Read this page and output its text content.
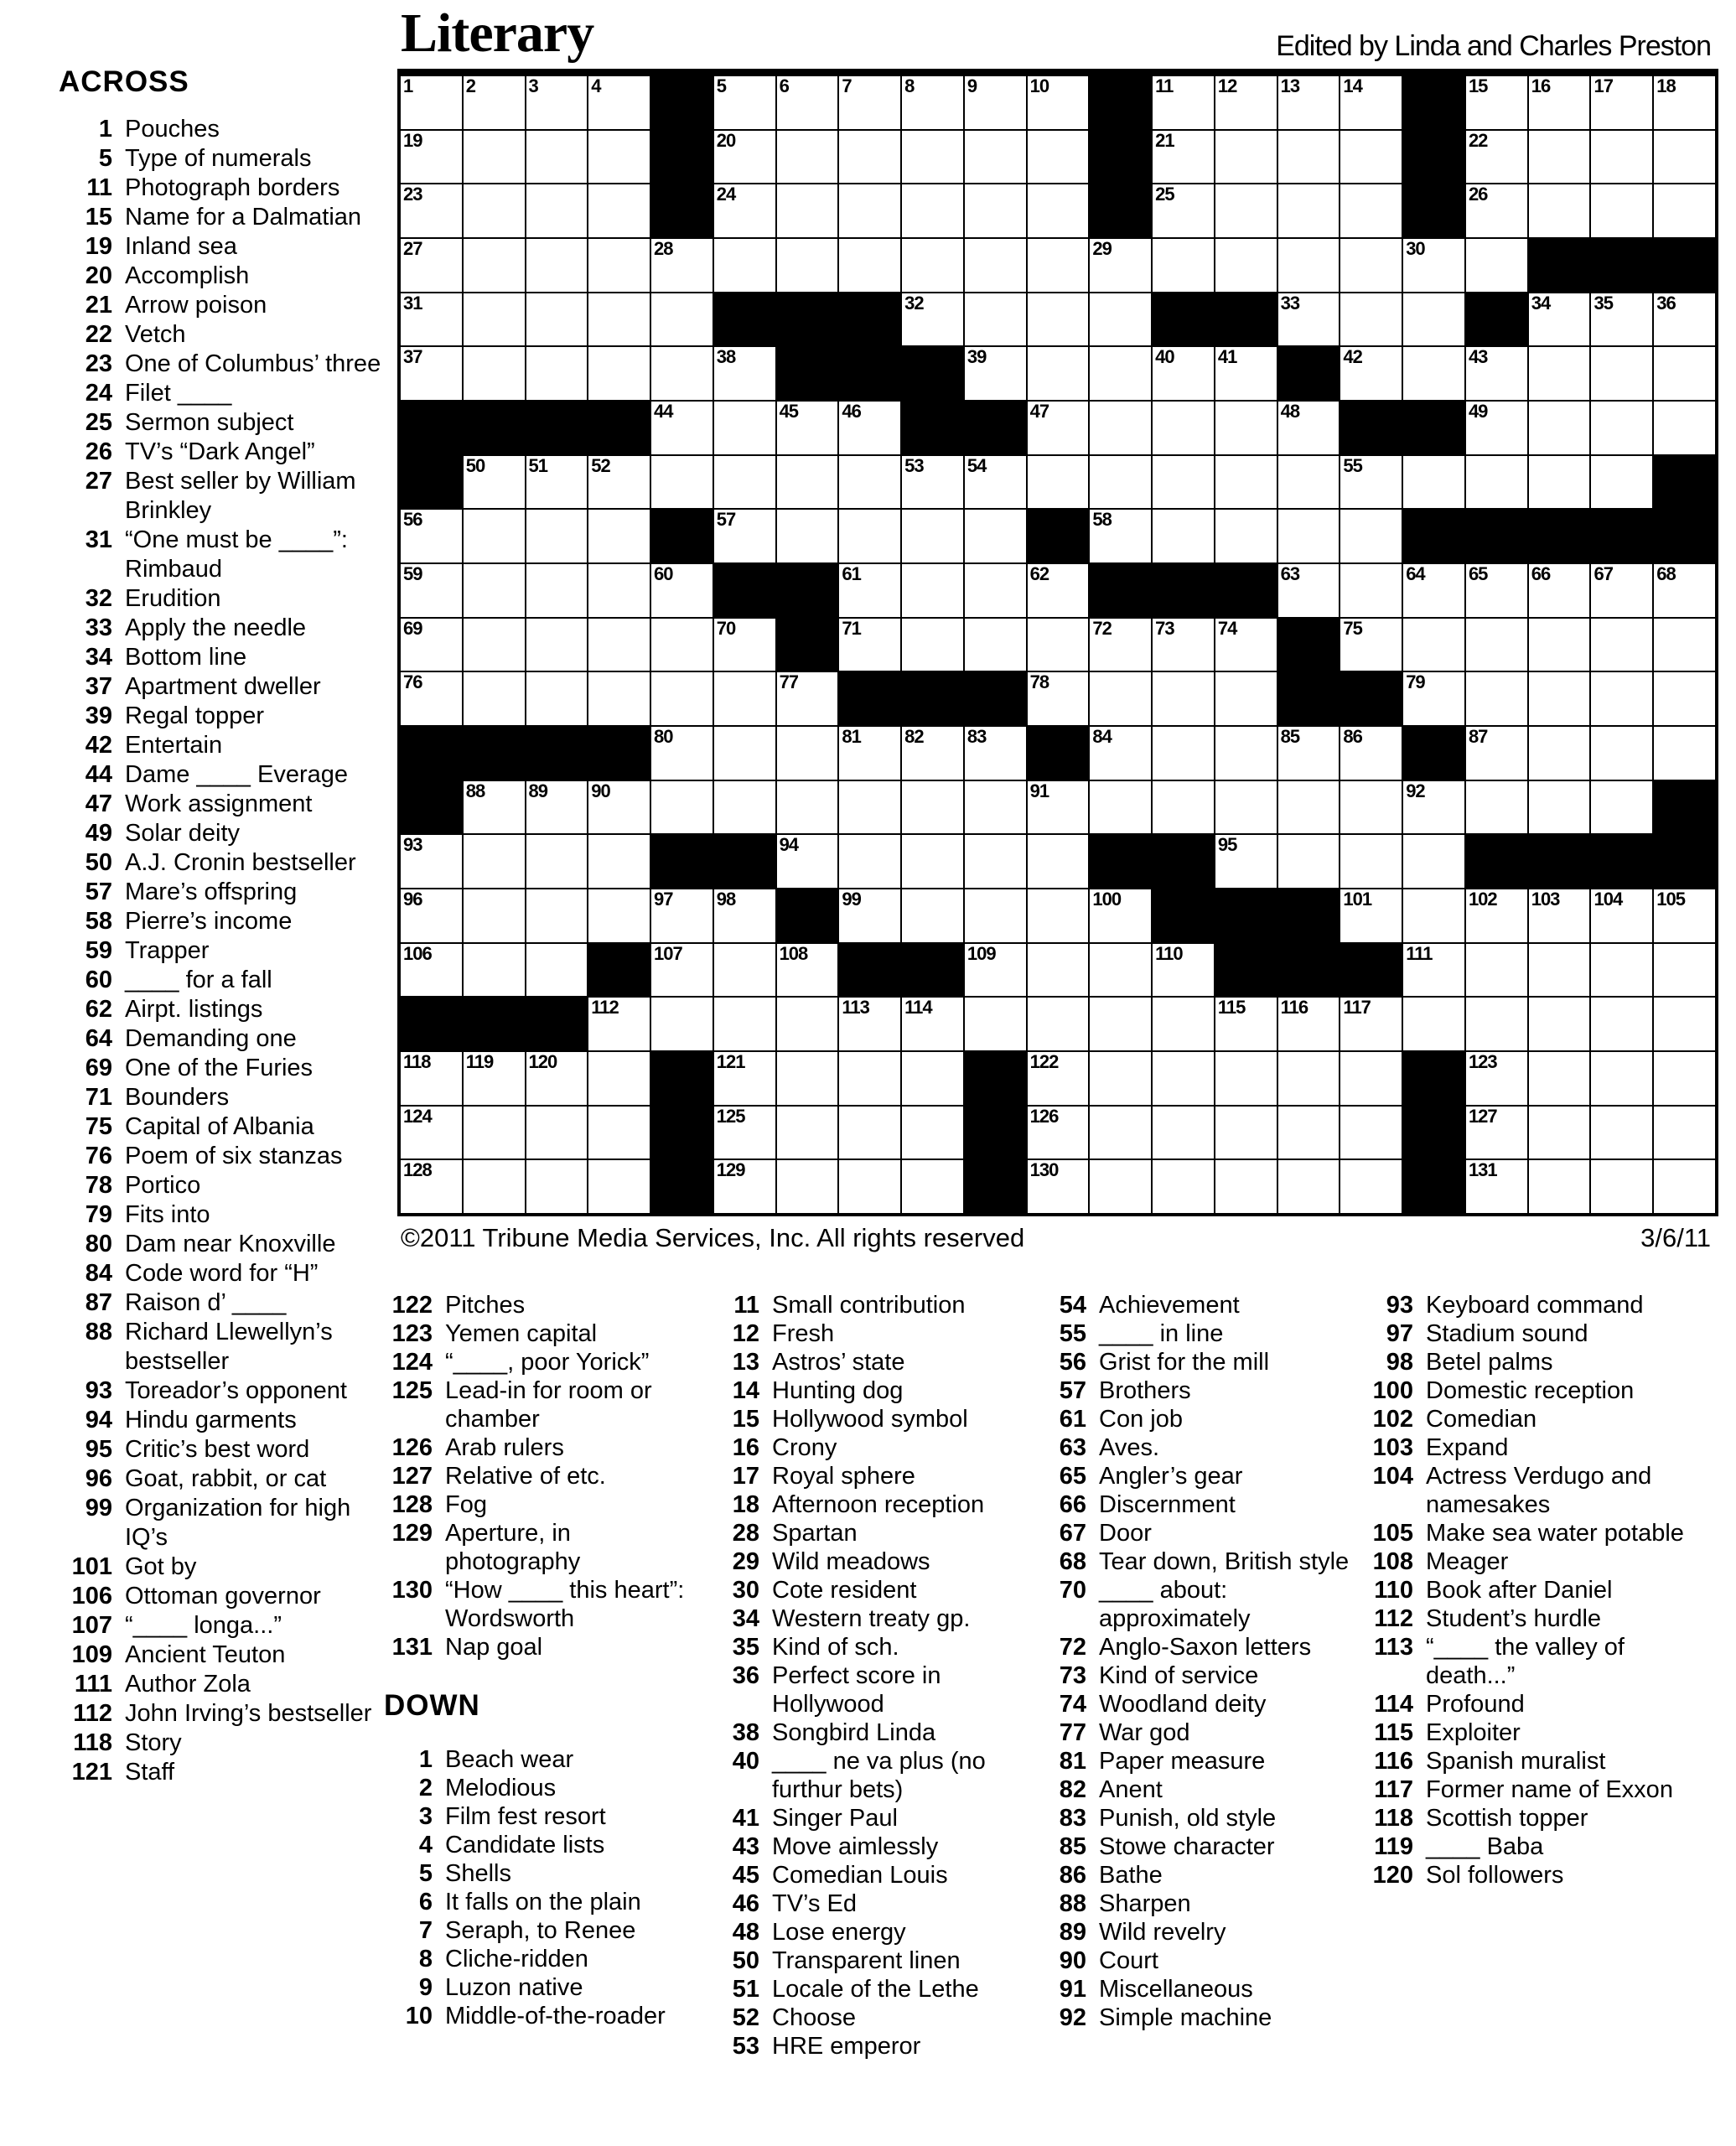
Literary	Edited by Linda and Charles Preston
1	2	3	4	5	6	7	8	9	10	11 12 13 14	15 16 17 18
19	20	21	22
23	24	25	26
27	28	29	30
31	32	33	34 35 36
37	38	39	40 41	42	43
44	45 46	47	48	49
50 51 52	53 54	55
56	57	58
59	60	61	62	63	64 65 66 67 68
69	70	71	72 73 74	75
76	77	78	79
80	81 82 83	84	85 86	87
88 89 90	91	92
93	94	95
96	97 98	99	100	101	102 103 104 105
106	107	108	109	110	111
112	113 114	115 116 117
118 119 120	121	122	123
124	125	126	127
128	129	130	131
©2011 Tribune Media Services, Inc. All rights reserved	3/6/11
ACROSS
1 Pouches
5 Type of numerals
11 Photograph borders
15 Name for a Dalmatian
19 Inland sea
20 Accomplish
21 Arrow poison
22 Vetch
23 One of Columbus’ three
24 Filet ____
25 Sermon subject
26 TV’s “Dark Angel”
27 Best seller by William Brinkley
31 “One must be ____”: Rimbaud
32 Erudition
33 Apply the needle
34 Bottom line
37 Apartment dweller
39 Regal topper
42 Entertain
44 Dame ____ Everage
47 Work assignment
49 Solar deity
50 A.J. Cronin bestseller
57 Mare’s offspring
58 Pierre’s income
59 Trapper
60 ____ for a fall
62 Airpt. listings
64 Demanding one
69 One of the Furies
71 Bounders
75 Capital of Albania
76 Poem of six stanzas
78 Portico
79 Fits into
80 Dam near Knoxville
84 Code word for “H”
87 Raison d’ ____
88 Richard Llewellyn’s bestseller
93 Toreador’s opponent
94 Hindu garments
95 Critic’s best word
96 Goat, rabbit, or cat
99 Organization for high IQ’s
101 Got by
106 Ottoman governor
107 “____ longa...”
109 Ancient Teuton
111 Author Zola
112 John Irving’s bestseller
118 Story
121 Staff
122 Pitches
123 Yemen capital
124 “____, poor Yorick”
125 Lead-in for room or chamber
126 Arab rulers
127 Relative of etc.
128 Fog
129 Aperture, in photography
130 “How ____ this heart”: Wordsworth
131 Nap goal
DOWN
1 Beach wear
2 Melodious
3 Film fest resort
4 Candidate lists
5 Shells
6 It falls on the plain
7 Seraph, to Renee
8 Cliche-ridden
9 Luzon native
10 Middle-of-the-roader
11 Small contribution
12 Fresh
13 Astros’ state
14 Hunting dog
15 Hollywood symbol
16 Crony
17 Royal sphere
18 Afternoon reception
28 Spartan
29 Wild meadows
30 Cote resident
34 Western treaty gp.
35 Kind of sch.
36 Perfect score in Hollywood
38 Songbird Linda
40 ____ ne va plus (no furthur bets)
41 Singer Paul
43 Move aimlessly
45 Comedian Louis
46 TV’s Ed
48 Lose energy
50 Transparent linen
51 Locale of the Lethe
52 Choose
53 HRE emperor
54 Achievement
55 ____ in line
56 Grist for the mill
57 Brothers
61 Con job
63 Aves.
65 Angler’s gear
66 Discernment
67 Door
68 Tear down, British style
70 ____ about: approximately
72 Anglo-Saxon letters
73 Kind of service
74 Woodland deity
77 War god
81 Paper measure
82 Anent
83 Punish, old style
85 Stowe character
86 Bathe
88 Sharpen
89 Wild revelry
90 Court
91 Miscellaneous
92 Simple machine
93 Keyboard command
97 Stadium sound
98 Betel palms
100 Domestic reception
102 Comedian
103 Expand
104 Actress Verdugo and namesakes
105 Make sea water potable
108 Meager
110 Book after Daniel
112 Student’s hurdle
113 “____ the valley of death...”
114 Profound
115 Exploiter
116 Spanish muralist
117 Former name of Exxon
118 Scottish topper
119 ____ Baba
120 Sol followers
